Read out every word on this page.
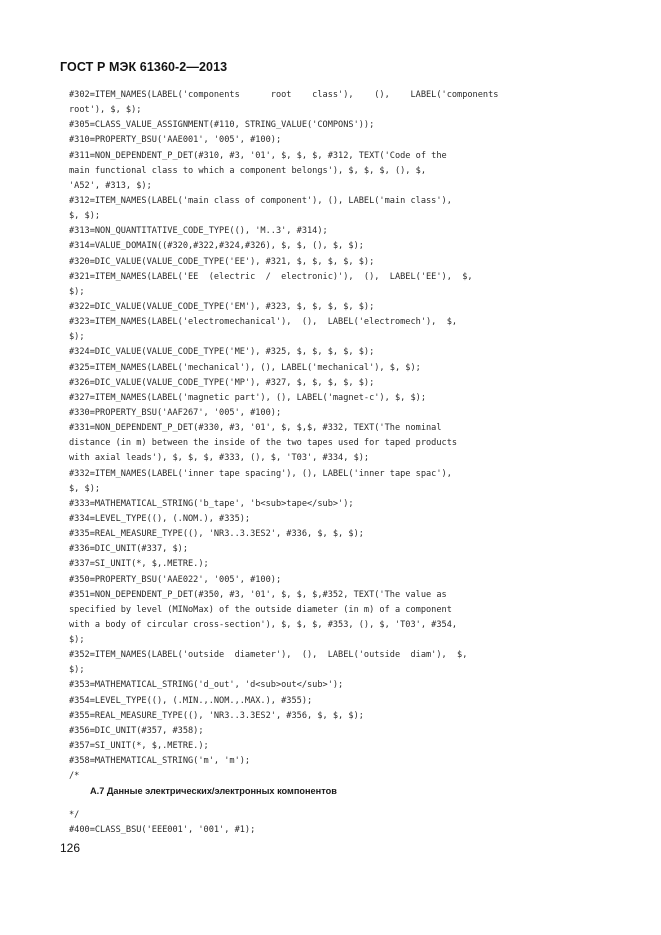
ГОСТ Р МЭК 61360-2—2013
#302=ITEM_NAMES(LABEL('components      root    class'),    (),    LABEL('components
root'), $, $);
#305=CLASS_VALUE_ASSIGNMENT(#110, STRING_VALUE('COMPONS'));
#310=PROPERTY_BSU('AAE001', '005', #100);
#311=NON_DEPENDENT_P_DET(#310, #3, '01', $, $, $, #312, TEXT('Code of the
main functional class to which a component belongs'), $, $, $, (), $,
'A52', #313, $);
#312=ITEM_NAMES(LABEL('main class of component'), (), LABEL('main class'),
$, $);
#313=NON_QUANTITATIVE_CODE_TYPE((), 'M..3', #314);
#314=VALUE_DOMAIN((#320,#322,#324,#326), $, $, (), $, $);
#320=DIC_VALUE(VALUE_CODE_TYPE('EE'), #321, $, $, $, $, $);
#321=ITEM_NAMES(LABEL('EE  (electric  /  electronic)'),  (),  LABEL('EE'),  $,
$);
#322=DIC_VALUE(VALUE_CODE_TYPE('EM'), #323, $, $, $, $, $);
#323=ITEM_NAMES(LABEL('electromechanical'),  (),  LABEL('electromech'),  $,
$);
#324=DIC_VALUE(VALUE_CODE_TYPE('ME'), #325, $, $, $, $, $);
#325=ITEM_NAMES(LABEL('mechanical'), (), LABEL('mechanical'), $, $);
#326=DIC_VALUE(VALUE_CODE_TYPE('MP'), #327, $, $, $, $, $);
#327=ITEM_NAMES(LABEL('magnetic part'), (), LABEL('magnet-c'), $, $);
#330=PROPERTY_BSU('AAF267', '005', #100);
#331=NON_DEPENDENT_P_DET(#330, #3, '01', $, $,$, #332, TEXT('The nominal
distance (in m) between the inside of the two tapes used for taped products
with axial leads'), $, $, $, #333, (), $, 'T03', #334, $);
#332=ITEM_NAMES(LABEL('inner tape spacing'), (), LABEL('inner tape spac'),
$, $);
#333=MATHEMATICAL_STRING('b_tape', 'b<sub>tape</sub>');
#334=LEVEL_TYPE((), (.NOM.), #335);
#335=REAL_MEASURE_TYPE((), 'NR3..3.3ES2', #336, $, $, $);
#336=DIC_UNIT(#337, $);
#337=SI_UNIT(*, $,.METRE.);
#350=PROPERTY_BSU('AAE022', '005', #100);
#351=NON_DEPENDENT_P_DET(#350, #3, '01', $, $, $,#352, TEXT('The value as
specified by level (MINoMax) of the outside diameter (in m) of a component
with a body of circular cross-section'), $, $, $, #353, (), $, 'T03', #354,
$);
#352=ITEM_NAMES(LABEL('outside  diameter'),  (),  LABEL('outside  diam'),  $,
$);
#353=MATHEMATICAL_STRING('d_out', 'd<sub>out</sub>');
#354=LEVEL_TYPE((), (.MIN.,.NOM.,.MAX.), #355);
#355=REAL_MEASURE_TYPE((), 'NR3..3.3ES2', #356, $, $, $);
#356=DIC_UNIT(#357, #358);
#357=SI_UNIT(*, $,.METRE.);
#358=MATHEMATICAL_STRING('m', 'm');
/*
А.7 Данные электрических/электронных компонентов
*/
#400=CLASS_BSU('EEE001', '001', #1);
126
